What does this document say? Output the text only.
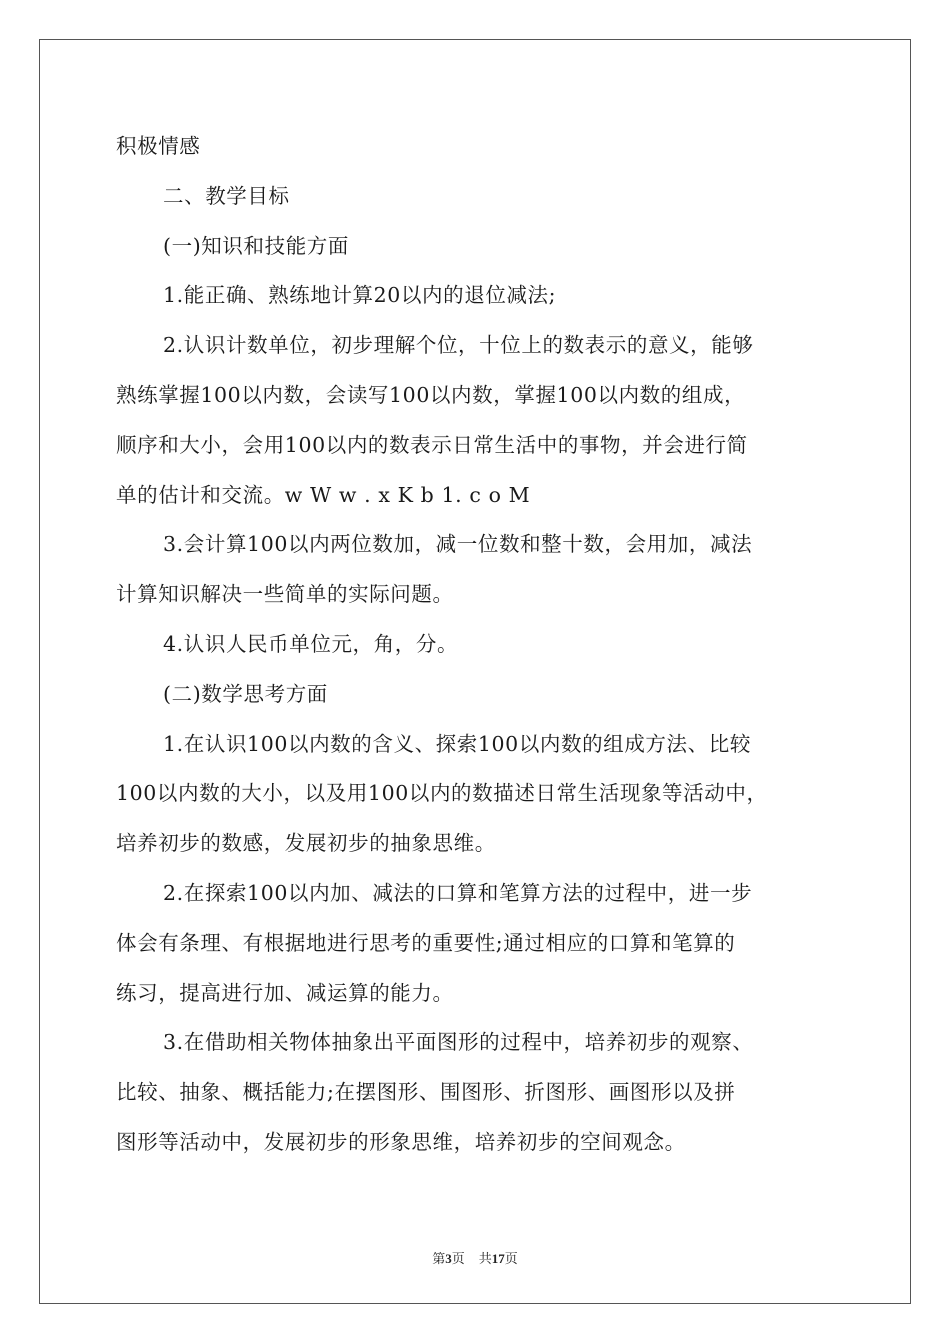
积极情感
二、教学目标
(一)知识和技能方面
1.能正确、熟练地计算20以内的退位减法;
2.认识计数单位，初步理解个位，十位上的数表示的意义，能够
熟练掌握100以内数，会读写100以内数，掌握100以内数的组成，
顺序和大小，会用100以内的数表示日常生活中的事物，并会进行简
单的估计和交流。w W w . x K b 1. c o M
3.会计算100以内两位数加，减一位数和整十数，会用加，减法
计算知识解决一些简单的实际问题。
4.认识人民币单位元，角，分。
(二)数学思考方面
1.在认识100以内数的含义、探索100以内数的组成方法、比较
100以内数的大小，以及用100以内的数描述日常生活现象等活动中，
培养初步的数感，发展初步的抽象思维。
2.在探索100以内加、减法的口算和笔算方法的过程中，进一步
体会有条理、有根据地进行思考的重要性;通过相应的口算和笔算的
练习，提高进行加、减运算的能力。
3.在借助相关物体抽象出平面图形的过程中，培养初步的观察、
比较、抽象、概括能力;在摆图形、围图形、折图形、画图形以及拼
图形等活动中，发展初步的形象思维，培养初步的空间观念。
第3页 共17页
